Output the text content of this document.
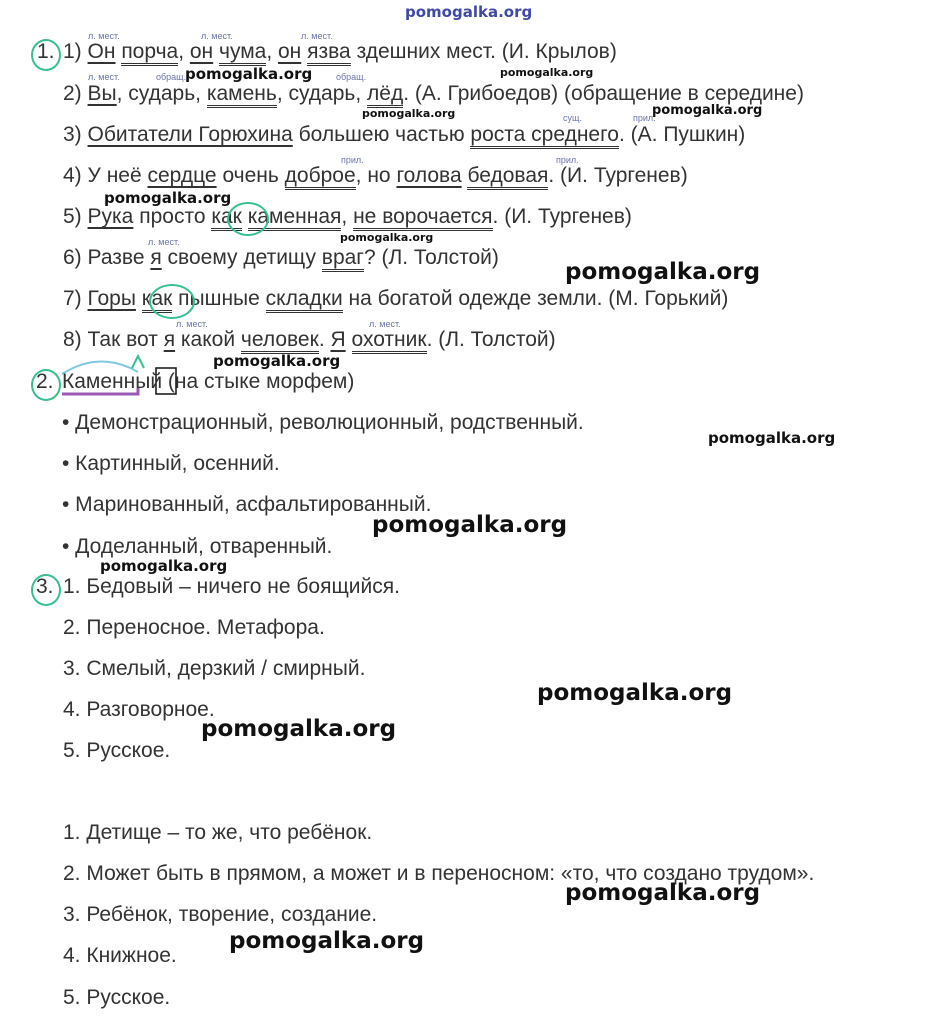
pomogalka.org
1.
л. мест.	л. мест.	л. мест.
1) Он порча, он чума, он язва здешних мест. (И. Крылов)
л. мест.	обращ.	обращ.
2) Вы, сударь, камень, сударь, лёд. (А. Грибоедов) (обращение в середине)
сущ.	прил.
3) Обитатели Горюхина большею частью роста среднего. (А. Пушкин)
прил.	прил.
4) У неё сердце очень доброе, но голова бедовая. (И. Тургенев)
5) Рука просто как каменная, не ворочается. (И. Тургенев)
л. мест.
6) Разве я своему детищу враг? (Л. Толстой)
7) Горы как пышные складки на богатой одежде земли. (М. Горький)
л. мест.	л. мест.
8) Так вот я какой человек. Я охотник. (Л. Толстой)
2. Каменный (на стыке морфем)
• Демонстрационный, революционный, родственный.
• Картинный, осенний.
• Маринованный, асфальтированный.
• Доделанный, отваренный.
3. 1. Бедовый – ничего не боящийся.
2. Переносное. Метафора.
3. Смелый, дерзкий / смирный.
4. Разговорное.
5. Русское.
1. Детище – то же, что ребёнок.
2. Может быть в прямом, а может и в переносном: «то, что создано трудом».
3. Ребёнок, творение, создание.
4. Книжное.
5. Русское.
pomogalka.org	pomogalka.org
pomogalka.org	pomogalka.org
pomogalka.org
pomogalka.org
pomogalka.org
pomogalka.org
pomogalka.org
pomogalka.org
pomogalka.org
pomogalka.org
pomogalka.org
pomogalka.org
pomogalka.org
